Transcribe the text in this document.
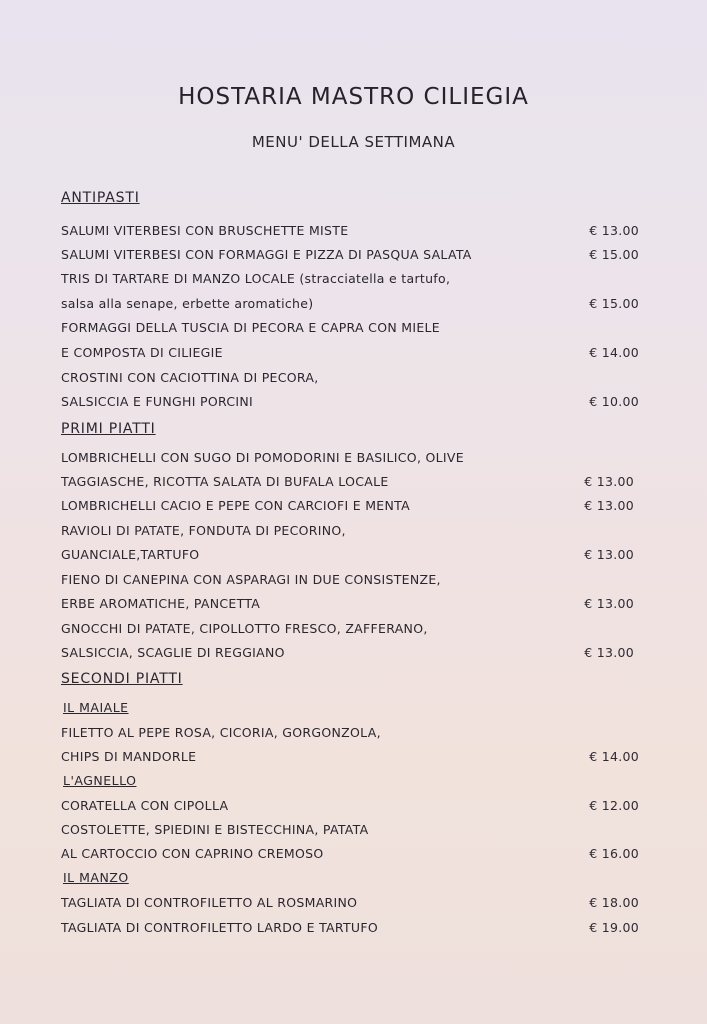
HOSTARIA MASTRO CILIEGIA
MENU' DELLA SETTIMANA
ANTIPASTI
SALUMI VITERBESI CON BRUSCHETTE MISTE	€ 13.00
SALUMI VITERBESI CON FORMAGGI E PIZZA DI PASQUA SALATA	€ 15.00
TRIS DI TARTARE DI MANZO LOCALE (stracciatella e tartufo,
salsa alla senape, erbette aromatiche)	€ 15.00
FORMAGGI DELLA TUSCIA DI PECORA E CAPRA CON MIELE
E COMPOSTA DI CILIEGIE	€ 14.00
CROSTINI CON CACIOTTINA DI PECORA,
SALSICCIA E FUNGHI PORCINI	€ 10.00
PRIMI PIATTI
LOMBRICHELLI CON SUGO DI POMODORINI E BASILICO, OLIVE
TAGGIASCHE, RICOTTA SALATA DI BUFALA LOCALE	€ 13.00
LOMBRICHELLI CACIO E PEPE CON CARCIOFI E MENTA	€ 13.00
RAVIOLI DI PATATE, FONDUTA DI PECORINO,
GUANCIALE,TARTUFO	€ 13.00
FIENO DI CANEPINA CON ASPARAGI IN DUE CONSISTENZE,
ERBE AROMATICHE, PANCETTA	€ 13.00
GNOCCHI DI PATATE, CIPOLLOTTO FRESCO, ZAFFERANO,
SALSICCIA, SCAGLIE DI REGGIANO	€ 13.00
SECONDI PIATTI
IL MAIALE
FILETTO AL PEPE ROSA, CICORIA, GORGONZOLA,
CHIPS DI MANDORLE	€ 14.00
L'AGNELLO
CORATELLA CON CIPOLLA	€ 12.00
COSTOLETTE, SPIEDINI E BISTECCHINA, PATATA
AL CARTOCCIO CON CAPRINO CREMOSO	€ 16.00
IL MANZO
TAGLIATA DI CONTROFILETTO AL ROSMARINO	€ 18.00
TAGLIATA DI CONTROFILETTO LARDO E TARTUFO	€ 19.00
